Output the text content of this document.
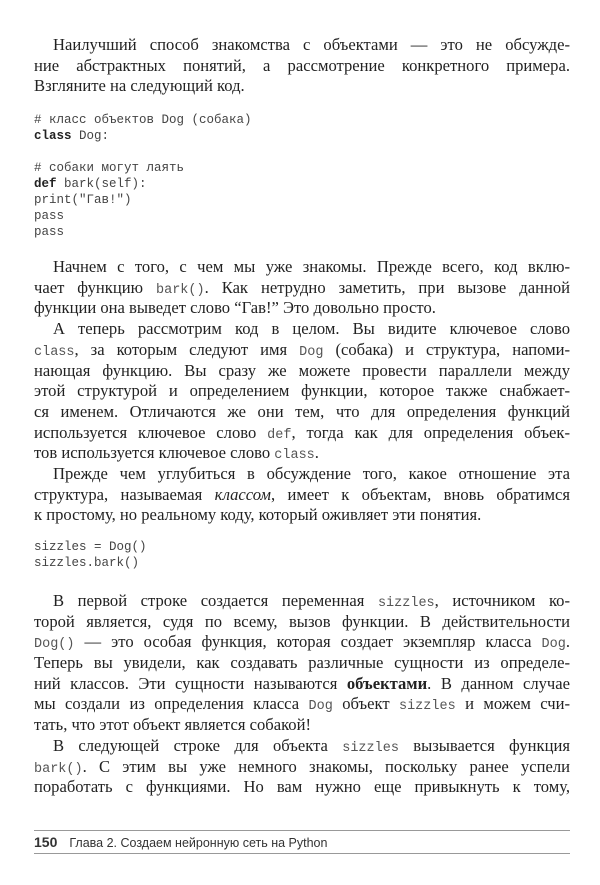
Наилучший способ знакомства с объектами — это не обсужде-
ние абстрактных понятий, а рассмотрение конкретного примера.
Взгляните на следующий код.
# класс объектов Dog (собака)
class Dog:

# собаки могут лаять
def bark(self):
print("Гав!")
pass
pass
Начнем с того, с чем мы уже знакомы. Прежде всего, код вклю-
чает функцию bark(). Как нетрудно заметить, при вызове данной
функции она выведет слово “Гав!” Это довольно просто.
А теперь рассмотрим код в целом. Вы видите ключевое слово
class, за которым следуют имя Dog (собака) и структура, напоми-
нающая функцию. Вы сразу же можете провести параллели между
этой структурой и определением функции, которое также снабжает-
ся именем. Отличаются же они тем, что для определения функций
используется ключевое слово def, тогда как для определения объек-
тов используется ключевое слово class.
Прежде чем углубиться в обсуждение того, какое отношение эта
структура, называемая классом, имеет к объектам, вновь обратимся
к простому, но реальному коду, который оживляет эти понятия.
sizzles = Dog()
sizzles.bark()
В первой строке создается переменная sizzles, источником ко-
торой является, судя по всему, вызов функции. В действительности
Dog() — это особая функция, которая создает экземпляр класса Dog.
Теперь вы увидели, как создавать различные сущности из определе-
ний классов. Эти сущности называются объектами. В данном случае
мы создали из определения класса Dog объект sizzles и можем счи-
тать, что этот объект является собакой!
В следующей строке для объекта sizzles вызывается функция
bark(). С этим вы уже немного знакомы, поскольку ранее успели
поработать с функциями. Но вам нужно еще привыкнуть к тому,
150 Глава 2. Создаем нейронную сеть на Python
